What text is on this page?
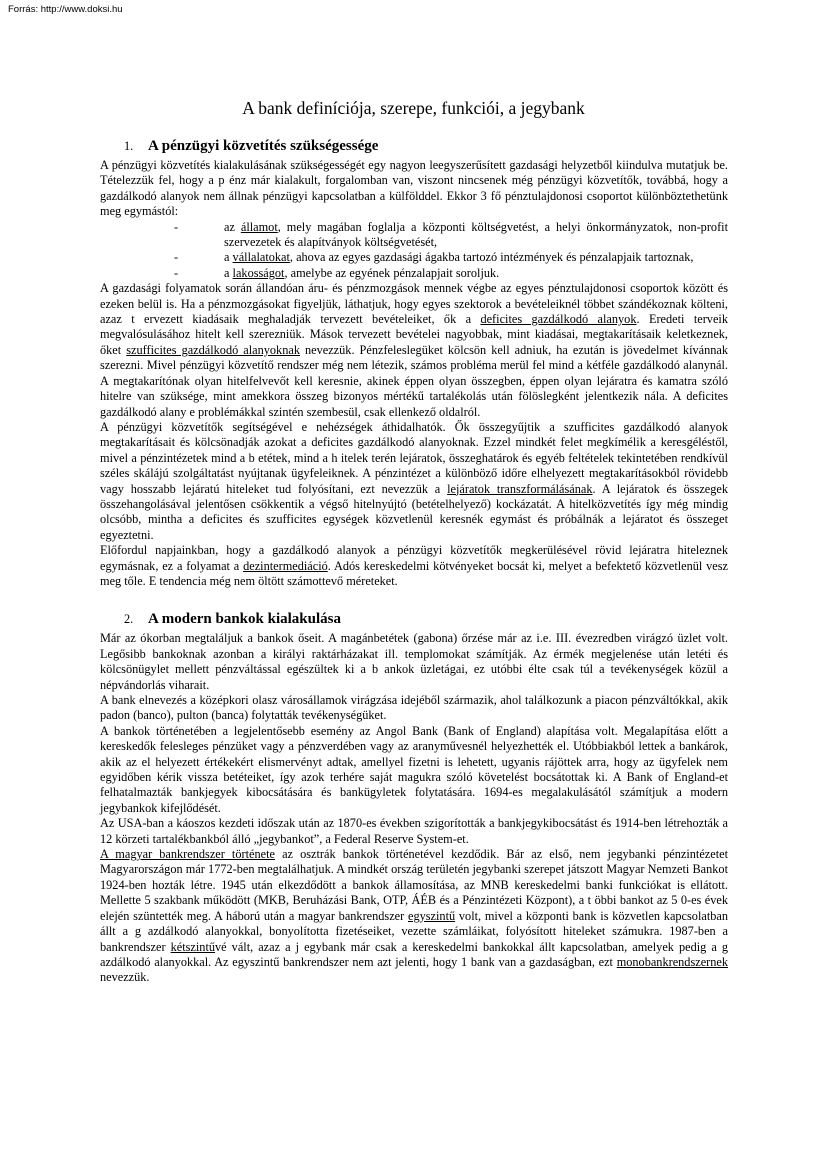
Forrás: http://www.doksi.hu
A bank definíciója, szerepe, funkciói, a jegybank
1. A pénzügyi közvetítés szükségessége

A pénzügyi közvetítés kialakulásának szükségességét egy nagyon leegyszerűsített gazdasági helyzetből kiindulva mutatjuk be. Tételezzük fel, hogy a p énz már kialakult, forgalomban van, viszont nincsenek még pénzügyi közvetítők, továbbá, hogy a gazdálkodó alanyok nem állnak pénzügyi kapcsolatban a külfölddel. Ekkor 3 fő pénztulajdonosi csoportot különböztethetünk meg egymástól:

-	az államot, mely magában foglalja a központi költségvetést, a helyi önkormányzatok, non-profit szervezetek és alapítványok költségvetését,
-	a vállalatokat, ahova az egyes gazdasági ágakba tartozó intézmények és pénzalapjaik tartoznak,
-	a lakosságot, amelybe az egyének pénzalapjait soroljuk.

A gazdasági folyamatok során állandóan áru- és pénzmozgások mennek végbe az egyes pénztulajdonosi csoportok között és ezeken belül is. Ha a pénzmozgásokat figyeljük, láthatjuk, hogy egyes szektorok a bevételeiknél többet szándékoznak költeni, azaz t ervezett kiadásaik meghaladják tervezett bevételeiket, ők a deficites gazdálkodó alanyok. Eredeti terveik megvalósulásához hitelt kell szerezniük. Mások tervezett bevételei nagyobbak, mint kiadásai, megtakarításaik keletkeznek, őket szufficites gazdálkodó alanyoknak nevezzük. Pénzfeleslegüket kölcsön kell adniuk, ha ezután is jövedelmet kívánnak szerezni. Mivel pénzügyi közvetítő rendszer még nem létezik, számos probléma merül fel mind a kétféle gazdálkodó alanynál. A megtakarítónak olyan hitelfelvevőt kell keresnie, akinek éppen olyan összegben, éppen olyan lejáratra és kamatra szóló hitelre van szüksége, mint amekkora összeg bizonyos mértékű tartalékolás után fölöslegként jelentkezik nála. A deficites gazdálkodó alany e problémákkal szintén szembesül, csak ellenkező oldalról.

A pénzügyi közvetítők segítségével e nehézségek áthidalhatók. Ők összegyűjtik a szufficites gazdálkodó alanyok megtakarításait és kölcsönadják azokat a deficites gazdálkodó alanyoknak. Ezzel mindkét felet megkímélik a keresgéléstől, mivel a pénzintézetek mind a b etétek, mind a h itelek terén lejáratok, összeghatárok és egyéb feltételek tekintetében rendkívül széles skálájú szolgáltatást nyújtanak ügyfeleiknek. A pénzintézet a különböző időre elhelyezett megtakarításokból rövidebb vagy hosszabb lejáratú hiteleket tud folyósítani, ezt nevezzük a lejáratok transzformálásának. A lejáratok és összegek összehangolásával jelentősen csökkentik a végső hitelnyújtó (betételhelyező) kockázatát. A hitelközvetítés így még mindig olcsóbb, mintha a deficites és szufficites egységek közvetlenül keresnék egymást és próbálnák a lejáratot és összeget egyeztetni.

Előfordul napjainkban, hogy a gazdálkodó alanyok a pénzügyi közvetítők megkerülésével rövid lejáratra hiteleznek egymásnak, ez a folyamat a dezintermediáció. Adós kereskedelmi kötvényeket bocsát ki, melyet a befektető közvetlenül vesz meg tőle. E tendencia még nem öltött számottevő méreteket.

2. A modern bankok kialakulása

Már az ókorban megtaláljuk a bankok őseit. A magánbetétek (gabona) őrzése már az i.e. III. évezredben virágzó üzlet volt. Legősibb bankoknak azonban a királyi raktárházakat ill. templomokat számítják. Az érmék megjelenése után letéti és kölcsönügylet mellett pénzváltással egészültek ki a b ankok üzletágai, ez utóbbi élte csak túl a tevékenységek közül a népvándorlás viharait.

A bank elnevezés a középkori olasz városállamok virágzása idejéből származik, ahol találkozunk a piacon pénzváltókkal, akik padon (banco), pulton (banca) folytatták tevékenységüket.

A bankok történetében a legjelentősebb esemény az Angol Bank (Bank of England) alapítása volt. Megalapítása előtt a kereskedők felesleges pénzüket vagy a pénzverdében vagy az aranyművesnél helyezhették el. Utóbbiakból lettek a bankárok, akik az el helyezett értékekért elismervényt adtak, amellyel fizetni is lehetett, ugyanis rájöttek arra, hogy az ügyfelek nem egyidőben kérik vissza betéteiket, így azok terhére saját magukra szóló követelést bocsátottak ki. A Bank of England-et felhatalmazták bankjegyek kibocsátására és bankügyletek folytatására. 1694-es megalakulásától számítjuk a modern jegybankok kifejlődését.

Az USA-ban a káoszos kezdeti időszak után az 1870-es években szigorították a bankjegykibocsátást és 1914-ben létrehozták a 12 körzeti tartalékbankból álló „jegybankot”, a Federal Reserve System-et.

A magyar bankrendszer története az osztrák bankok történetével kezdődik. Bár az első, nem jegybanki pénzintézetet Magyarországon már 1772-ben megtalálhatjuk. A mindkét ország területén jegybanki szerepet játszott Magyar Nemzeti Bankot 1924-ben hozták létre. 1945 után elkezdődött a bankok államosítása, az MNB kereskedelmi banki funkciókat is ellátott. Mellette 5 szakbank működött (MKB, Beruházási Bank, OTP, ÁÉB és a Pénzintézeti Központ), a t öbbi bankot az 5 0-es évek elején szüntették meg. A háború után a magyar bankrendszer egyszintű volt, mivel a központi bank is közvetlen kapcsolatban állt a g azdálkodó alanyokkal, bonyolította fizetéseiket, vezette számláikat, folyósított hiteleket számukra. 1987-ben a bankrendszer kétszintűvé vált, azaz a j egybank már csak a kereskedelmi bankokkal állt kapcsolatban, amelyek pedig a g azdálkodó alanyokkal. Az egyszintű bankrendszer nem azt jelenti, hogy 1 bank van a gazdaságban, ezt monobankrendszernek nevezzük.
